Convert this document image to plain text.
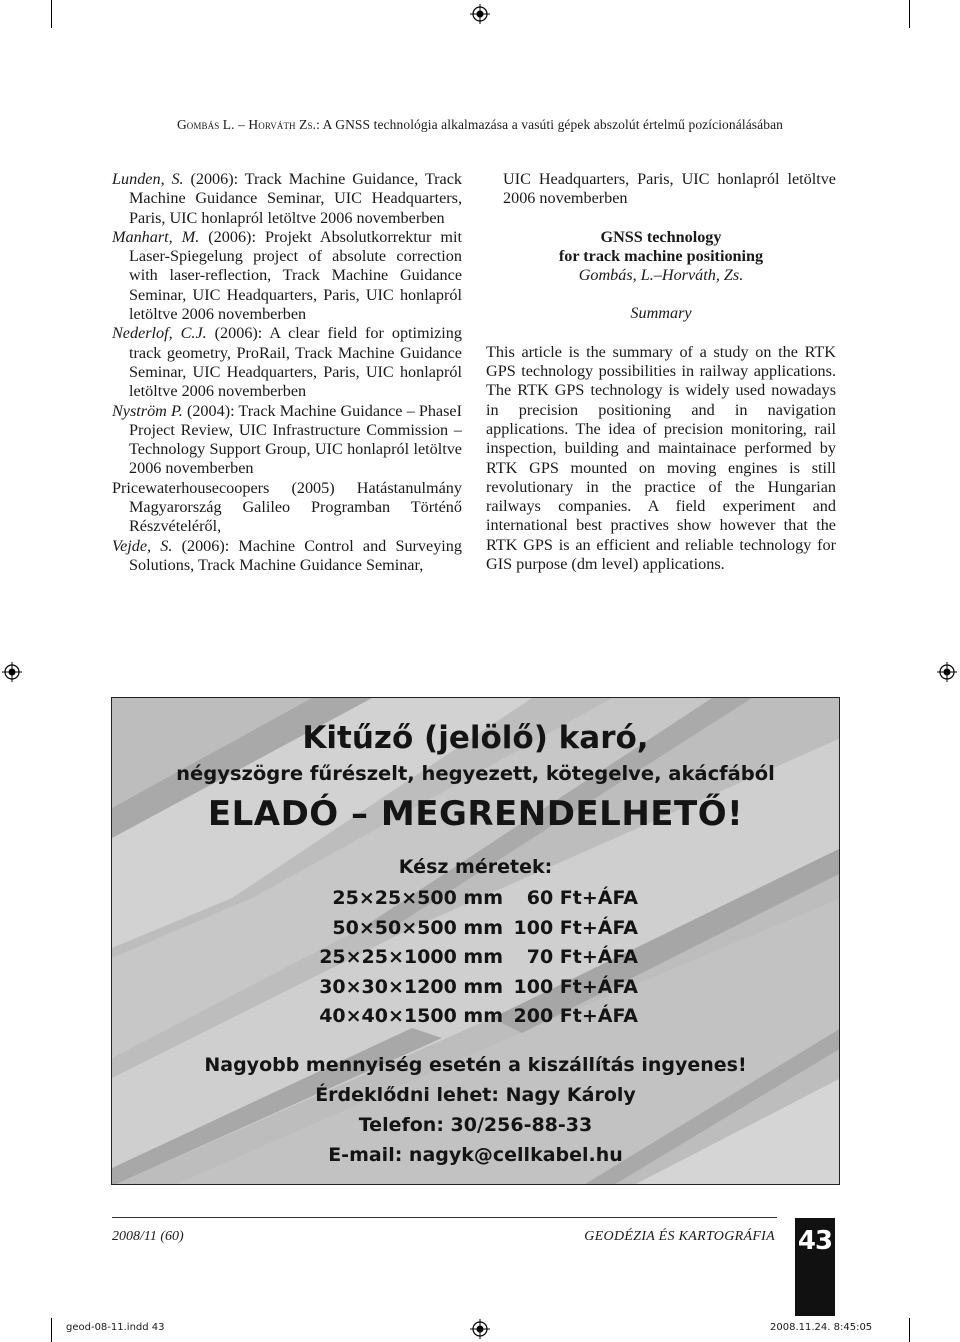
Gombás L. – Horváth Zs.: A GNSS technológia alkalmazása a vasúti gépek abszolút értelmű pozícionálásában

Lunden, S. (2006): Track Machine Guidance, Track Machine Guidance Seminar, UIC Headquarters, Paris, UIC honlapról letöltve 2006 novemberben

Manhart, M. (2006): Projekt Absolutkorrektur mit Laser-Spiegelung project of absolute correction with laser-reflection, Track Machine Guidance Seminar, UIC Headquarters, Paris, UIC honlapról letöltve 2006 novemberben

Nederlof, C.J. (2006): A clear field for optimizing track geometry, ProRail, Track Machine Guidance Seminar, UIC Headquarters, Paris, UIC honlapról letöltve 2006 novemberben

Nyström P. (2004): Track Machine Guidance – PhaseI Project Review, UIC Infrastructure Commission –Technology Support Group, UIC honlapról letöltve 2006 novemberben

Pricewaterhousecoopers (2005) Hatástanulmány Magyarország Galileo Programban Történő Részvételéről,

Vejde, S. (2006): Machine Control and Surveying Solutions, Track Machine Guidance Seminar,

UIC Headquarters, Paris, UIC honlapról letöltve 2006 novemberben

GNSS technology
for track machine positioning
Gombás, L.–Horváth, Zs.
Summary

This article is the summary of a study on the RTK GPS technology possibilities in railway applications. The RTK GPS technology is widely used nowadays in precision positioning and in navigation applications. The idea of precision monitoring, rail inspection, building and maintainace performed by RTK GPS mounted on moving engines is still revolutionary in the practice of the Hungarian railways companies. A field experiment and international best practives show however that the RTK GPS is an efficient and reliable technology for GIS purpose (dm level) applications.

Kitűző (jelölő) karó,
négyszögre fűrészelt, hegyezett, kötegelve, akácfából
ELADÓ – MEGRENDELHETŐ!
Kész méretek:
25×25×500 mm	60 Ft+ÁFA
50×50×500 mm 100 Ft+ÁFA
25×25×1000 mm	70 Ft+ÁFA
30×30×1200 mm 100 Ft+ÁFA
40×40×1500 mm 200 Ft+ÁFA
Nagyobb mennyiség esetén a kiszállítás ingyenes!
Érdeklődni lehet: Nagy Károly
Telefon: 30/256-88-33
E-mail: nagyk@cellkabel.hu
2008/11 (60)	GEODÉZIA ÉS KARTOGRÁFIA 43
geod-08-11.indd 43	2008.11.24. 8:45:05
